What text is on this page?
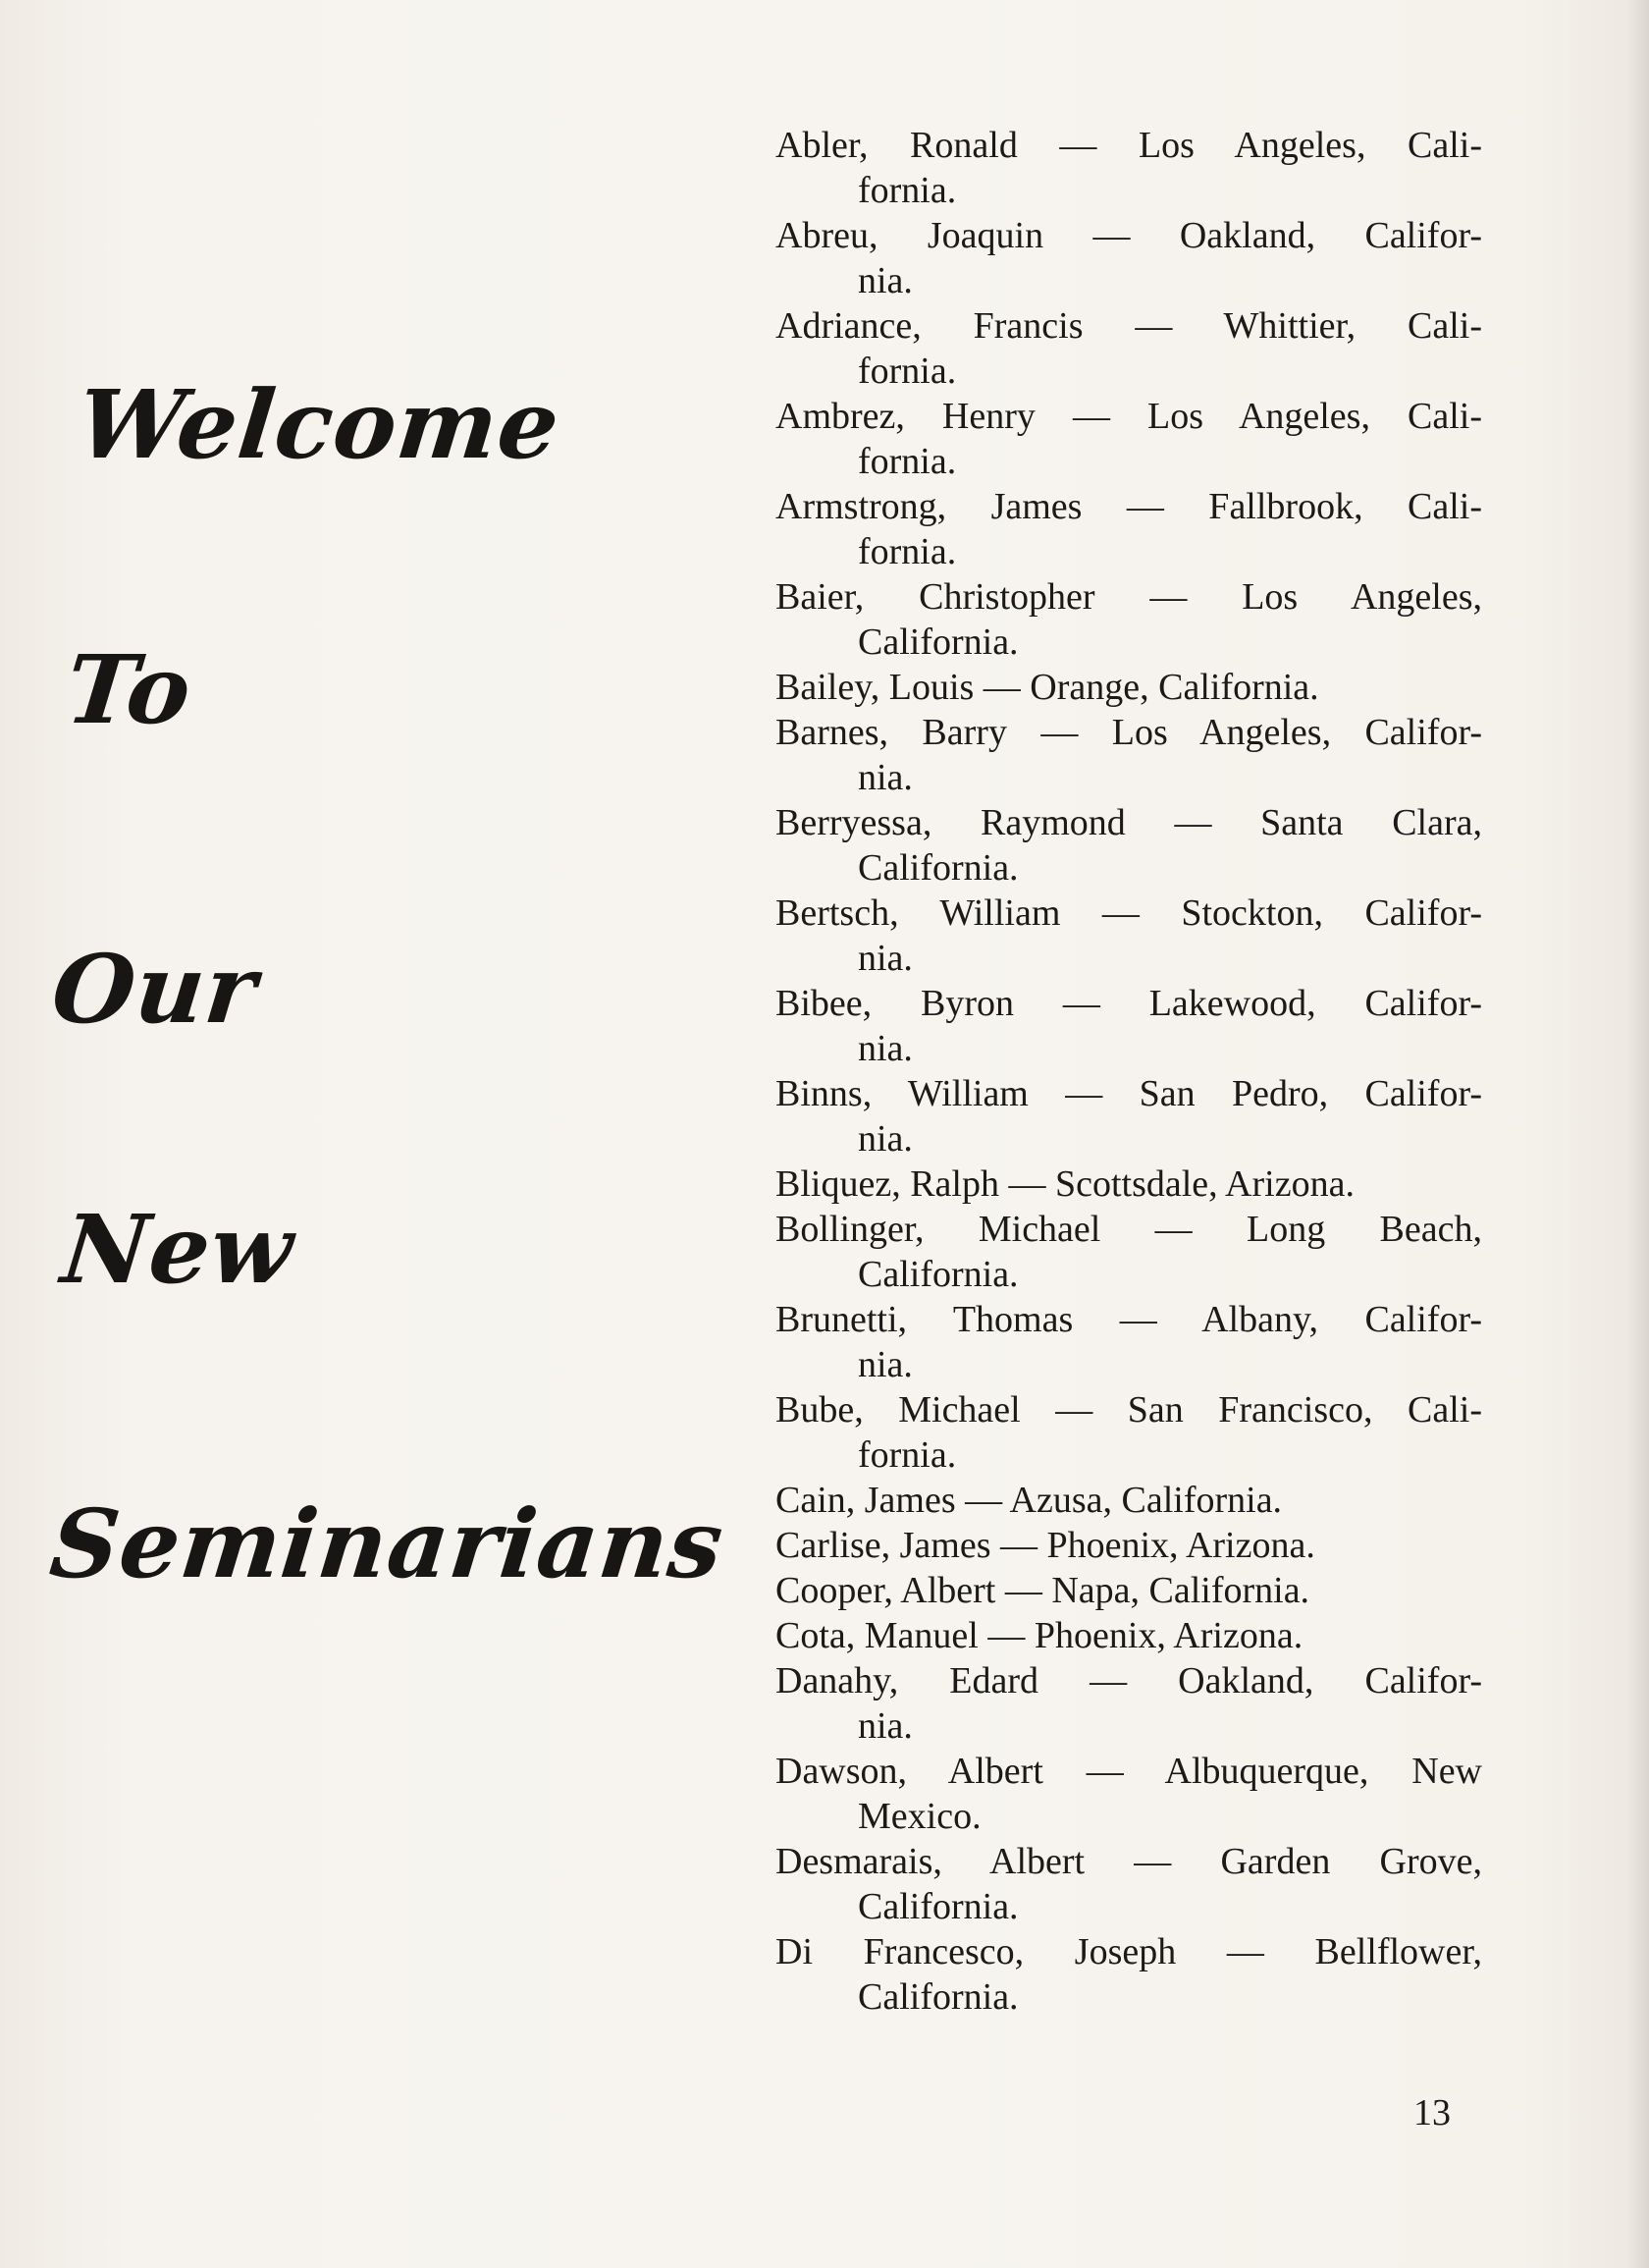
Welcome
To
Our
New
Seminarians

Abler, Ronald — Los Angeles, Cali-
fornia.

Abreu, Joaquin — Oakland, Califor-
nia.

Adriance, Francis — Whittier, Cali-
fornia.

Ambrez, Henry — Los Angeles, Cali-
fornia.

Armstrong, James — Fallbrook, Cali-
fornia.

Baier, Christopher — Los Angeles,
California.

Bailey, Louis — Orange, California.

Barnes, Barry — Los Angeles, Califor-
nia.

Berryessa, Raymond — Santa Clara,
California.

Bertsch, William — Stockton, Califor-
nia.

Bibee, Byron — Lakewood, Califor-
nia.

Binns, William — San Pedro, Califor-
nia.

Bliquez, Ralph — Scottsdale, Arizona.

Bollinger, Michael — Long Beach,
California.

Brunetti, Thomas — Albany, Califor-
nia.

Bube, Michael — San Francisco, Cali-
fornia.

Cain, James — Azusa, California.

Carlise, James — Phoenix, Arizona.

Cooper, Albert — Napa, California.

Cota, Manuel — Phoenix, Arizona.

Danahy, Edard — Oakland, Califor-
nia.

Dawson, Albert — Albuquerque, New
Mexico.

Desmarais, Albert — Garden Grove,
California.

Di Francesco, Joseph — Bellflower,
California.

13
